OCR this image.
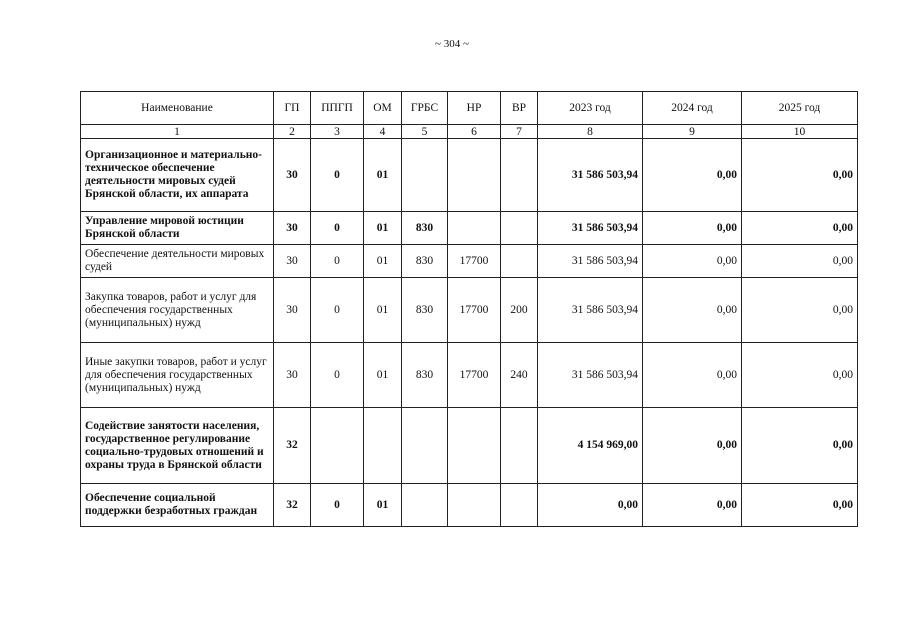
~ 304 ~
Наименование	ГП	ППГП	ОМ	ГРБС	НР	ВР	2023 год	2024 год	2025 год
1	2	3	4	5	6	7	8	9	10
Организационное и материально-техническое обеспечение деятельности мировых судей Брянской области, их аппарата	30	0	01				31 586 503,94	0,00	0,00
Управление мировой юстиции Брянской области	30	0	01	830			31 586 503,94	0,00	0,00
Обеспечение деятельности мировых судей	30	0	01	830	17700		31 586 503,94	0,00	0,00
Закупка товаров, работ и услуг для обеспечения государственных (муниципальных) нужд	30	0	01	830	17700	200	31 586 503,94	0,00	0,00
Иные закупки товаров, работ и услуг для обеспечения государственных (муниципальных) нужд	30	0	01	830	17700	240	31 586 503,94	0,00	0,00
Содействие занятости населения, государственное регулирование социально-трудовых отношений и охраны труда в Брянской области	32						4 154 969,00	0,00	0,00
Обеспечение социальной поддержки безработных граждан	32	0	01				0,00	0,00	0,00
